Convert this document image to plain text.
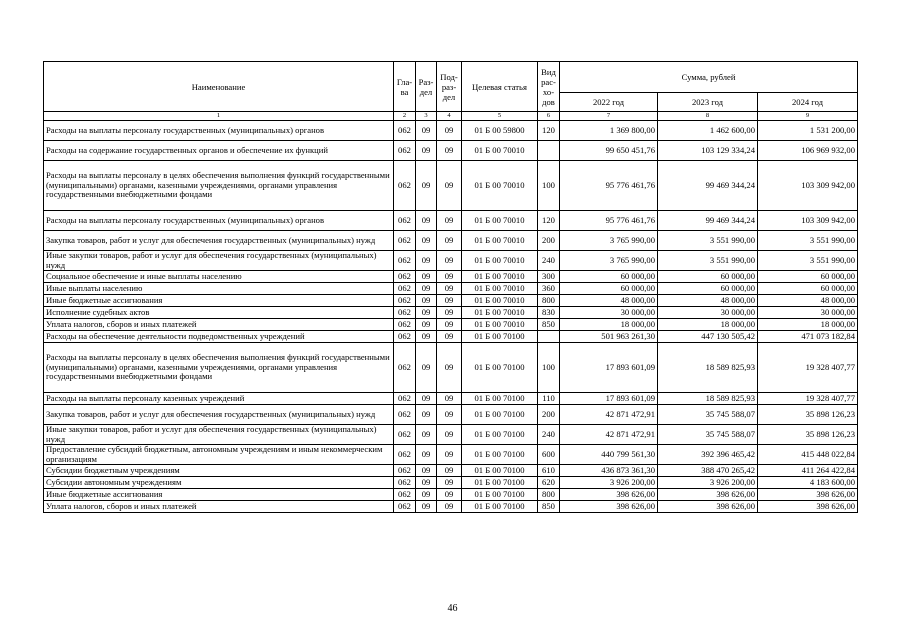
Наименование	Гла-ва	Раз-дел	Под-раз-дел	Целевая статья	Вид рас-хо-дов	Сумма, рублей		
						2022 год	2023 год	2024 год
1	2	3	4	5	6	7	8	9
Расходы на выплаты персоналу государственных (муниципальных) органов	062	09	09	01 Б 00 59800	120	1 369 800,00	1 462 600,00	1 531 200,00
Расходы на содержание государственных органов и обеспечение их функций	062	09	09	01 Б 00 70010		99 650 451,76	103 129 334,24	106 969 932,00
Расходы на выплаты персоналу в целях обеспечения выполнения функций государственными (муниципальными) органами, казенными учреждениями, органами управления государственными внебюджетными фондами	062	09	09	01 Б 00 70010	100	95 776 461,76	99 469 344,24	103 309 942,00
Расходы на выплаты персоналу государственных (муниципальных) органов	062	09	09	01 Б 00 70010	120	95 776 461,76	99 469 344,24	103 309 942,00
Закупка товаров, работ и услуг для обеспечения государственных (муниципальных) нужд	062	09	09	01 Б 00 70010	200	3 765 990,00	3 551 990,00	3 551 990,00
Иные закупки товаров, работ и услуг для обеспечения государственных (муниципальных) нужд	062	09	09	01 Б 00 70010	240	3 765 990,00	3 551 990,00	3 551 990,00
Социальное обеспечение и иные выплаты населению	062	09	09	01 Б 00 70010	300	60 000,00	60 000,00	60 000,00
Иные выплаты населению	062	09	09	01 Б 00 70010	360	60 000,00	60 000,00	60 000,00
Иные бюджетные ассигнования	062	09	09	01 Б 00 70010	800	48 000,00	48 000,00	48 000,00
Исполнение судебных актов	062	09	09	01 Б 00 70010	830	30 000,00	30 000,00	30 000,00
Уплата налогов, сборов и иных платежей	062	09	09	01 Б 00 70010	850	18 000,00	18 000,00	18 000,00
Расходы на обеспечение деятельности подведомственных учреждений	062	09	09	01 Б 00 70100		501 963 261,30	447 130 505,42	471 073 182,84
Расходы на выплаты персоналу в целях обеспечения выполнения функций государственными (муниципальными) органами, казенными учреждениями, органами управления государственными внебюджетными фондами	062	09	09	01 Б 00 70100	100	17 893 601,09	18 589 825,93	19 328 407,77
Расходы на выплаты персоналу казенных учреждений	062	09	09	01 Б 00 70100	110	17 893 601,09	18 589 825,93	19 328 407,77
Закупка товаров, работ и услуг для обеспечения государственных (муниципальных) нужд	062	09	09	01 Б 00 70100	200	42 871 472,91	35 745 588,07	35 898 126,23
Иные закупки товаров, работ и услуг для обеспечения государственных (муниципальных) нужд	062	09	09	01 Б 00 70100	240	42 871 472,91	35 745 588,07	35 898 126,23
Предоставление субсидий бюджетным, автономным учреждениям и иным некоммерческим организациям	062	09	09	01 Б 00 70100	600	440 799 561,30	392 396 465,42	415 448 022,84
Субсидии бюджетным учреждениям	062	09	09	01 Б 00 70100	610	436 873 361,30	388 470 265,42	411 264 422,84
Субсидии автономным учреждениям	062	09	09	01 Б 00 70100	620	3 926 200,00	3 926 200,00	4 183 600,00
Иные бюджетные ассигнования	062	09	09	01 Б 00 70100	800	398 626,00	398 626,00	398 626,00
Уплата налогов, сборов и иных платежей	062	09	09	01 Б 00 70100	850	398 626,00	398 626,00	398 626,00
46
